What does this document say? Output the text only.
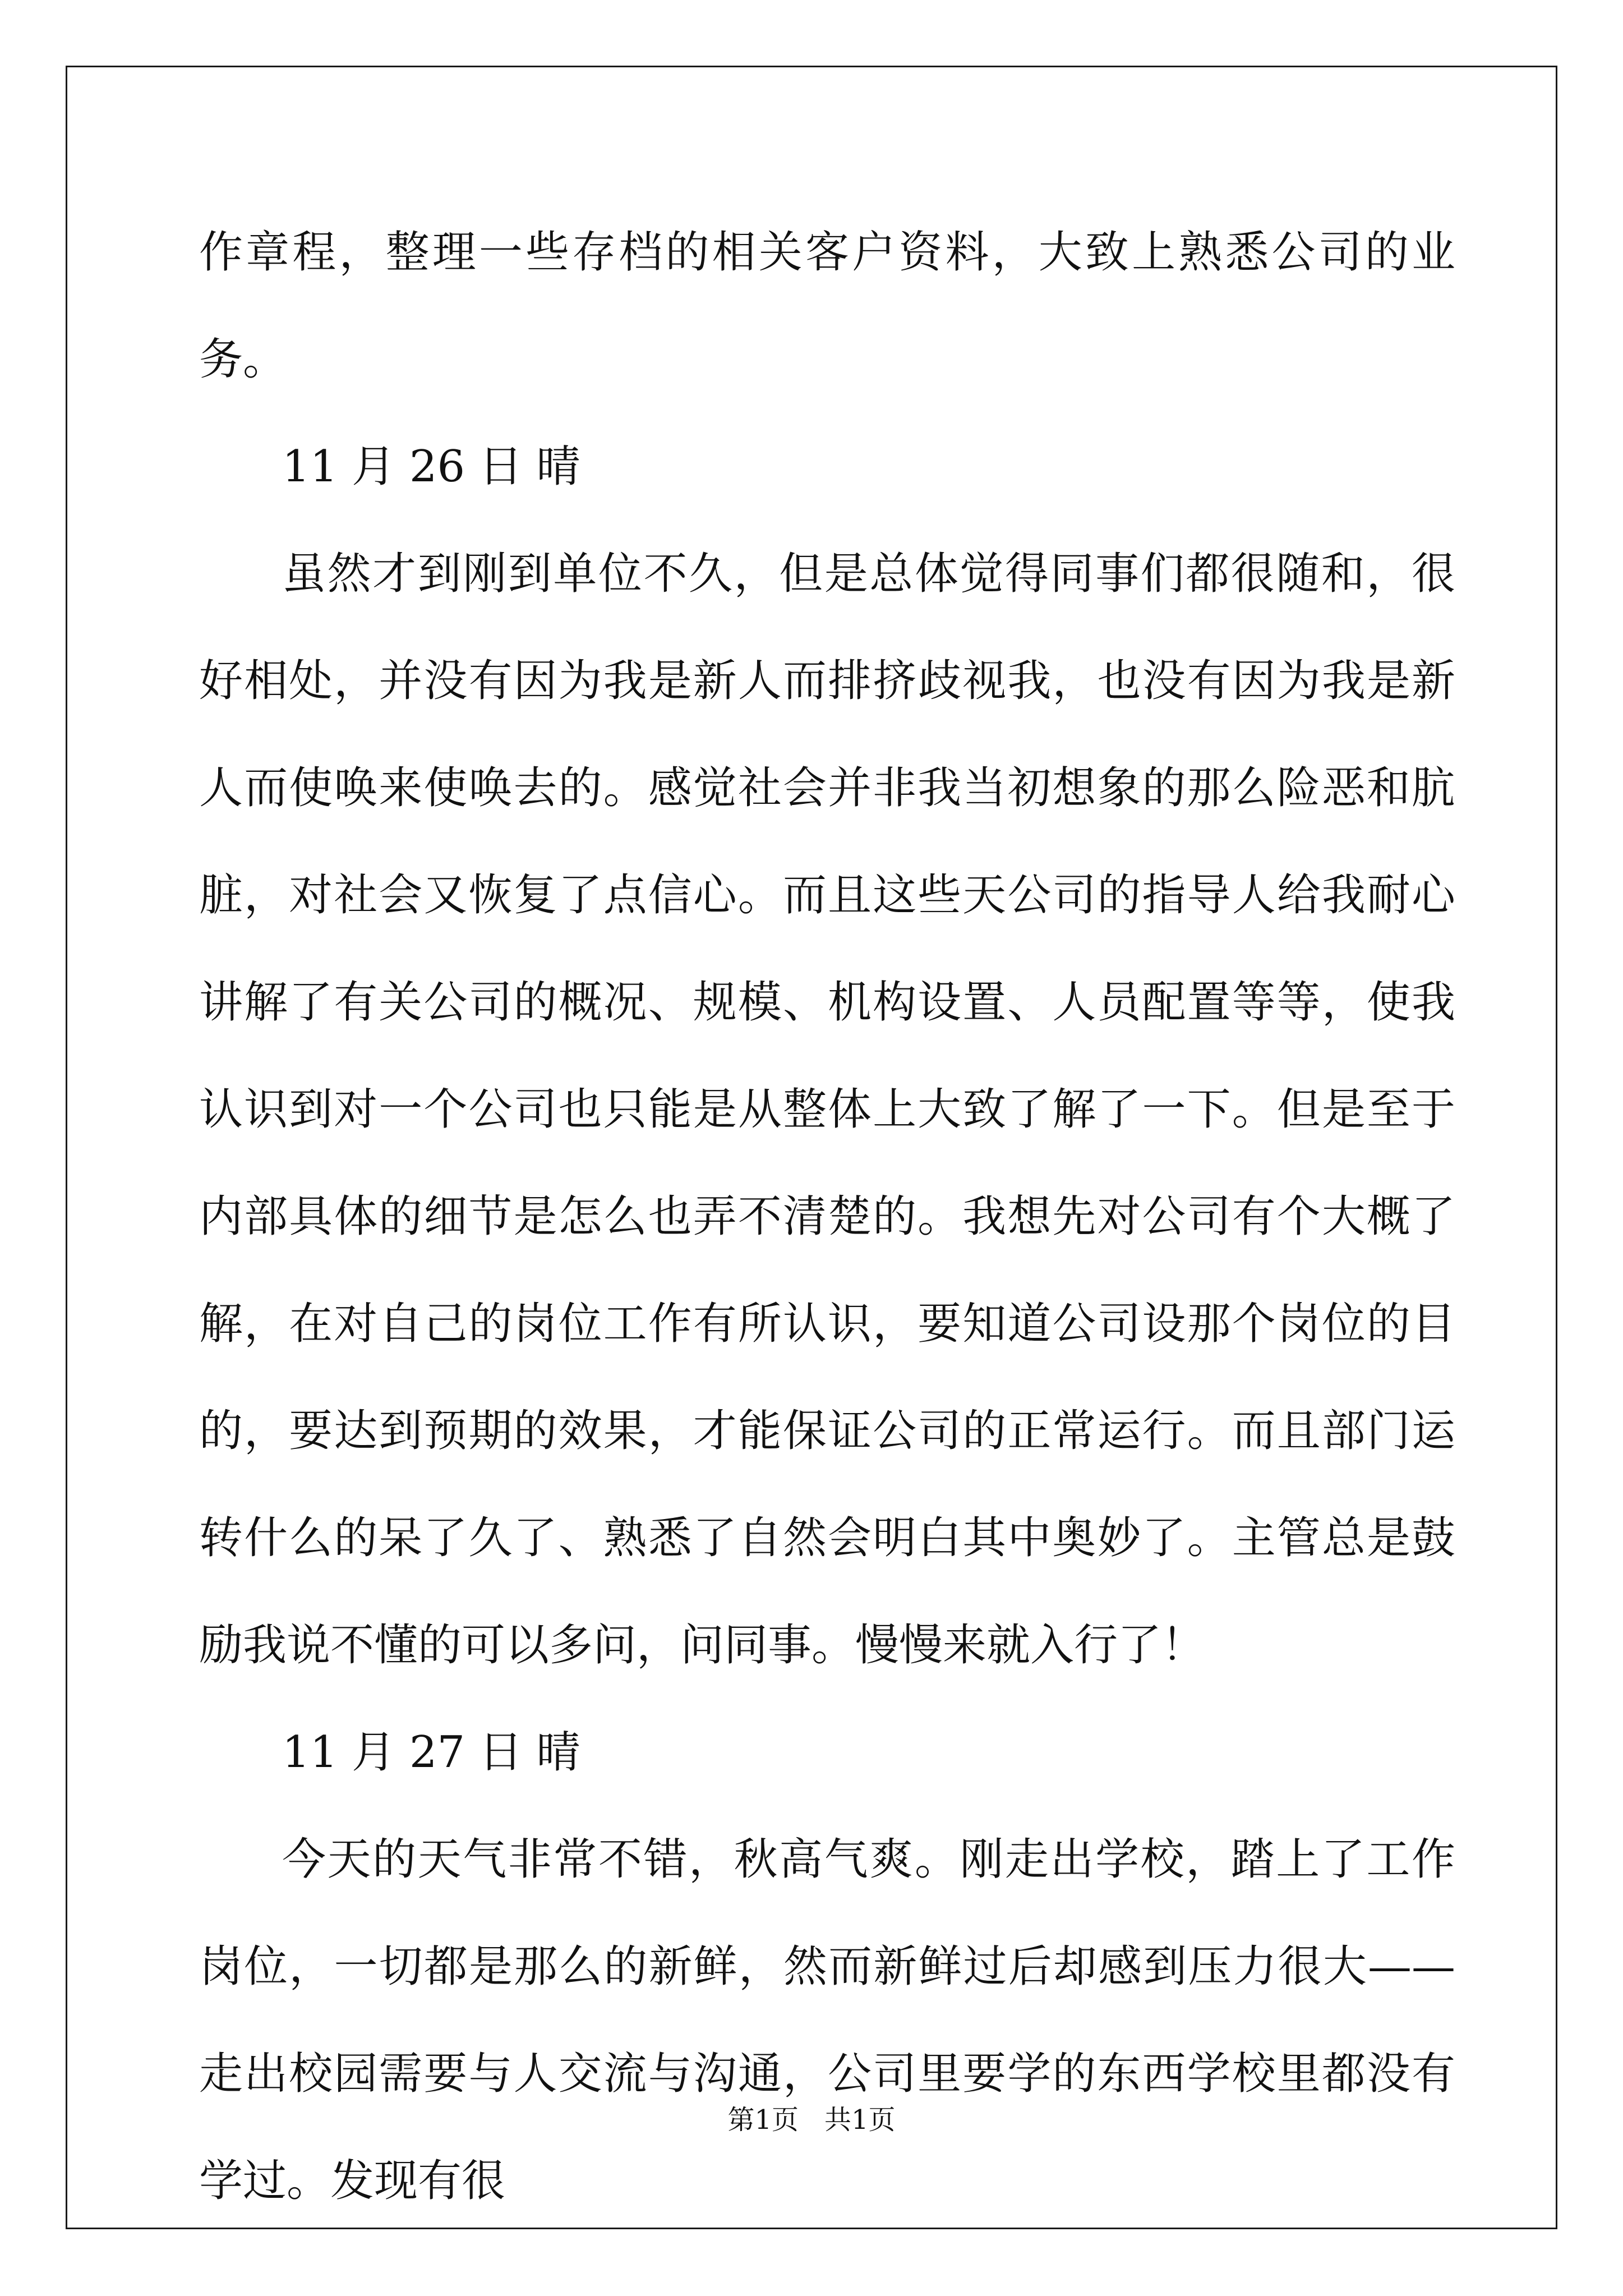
作章程，整理一些存档的相关客户资料，大致上熟悉公司的业务。

11 月 26 日 晴

虽然才到刚到单位不久，但是总体觉得同事们都很随和，很好相处，并没有因为我是新人而排挤歧视我，也没有因为我是新人而使唤来使唤去的。感觉社会并非我当初想象的那么险恶和肮脏，对社会又恢复了点信心。而且这些天公司的指导人给我耐心讲解了有关公司的概况、规模、机构设置、人员配置等等，使我认识到对一个公司也只能是从整体上大致了解了一下。但是至于内部具体的细节是怎么也弄不清楚的。我想先对公司有个大概了解，在对自己的岗位工作有所认识，要知道公司设那个岗位的目的，要达到预期的效果，才能保证公司的正常运行。而且部门运转什么的呆了久了、熟悉了自然会明白其中奥妙了。主管总是鼓励我说不懂的可以多问，问同事。慢慢来就入行了！

11 月 27 日 晴

今天的天气非常不错，秋高气爽。刚走出学校，踏上了工作岗位，一切都是那么的新鲜，然而新鲜过后却感到压力很大——走出校园需要与人交流与沟通，公司里要学的东西学校里都没有学过。发现有很

第1页 共1页
